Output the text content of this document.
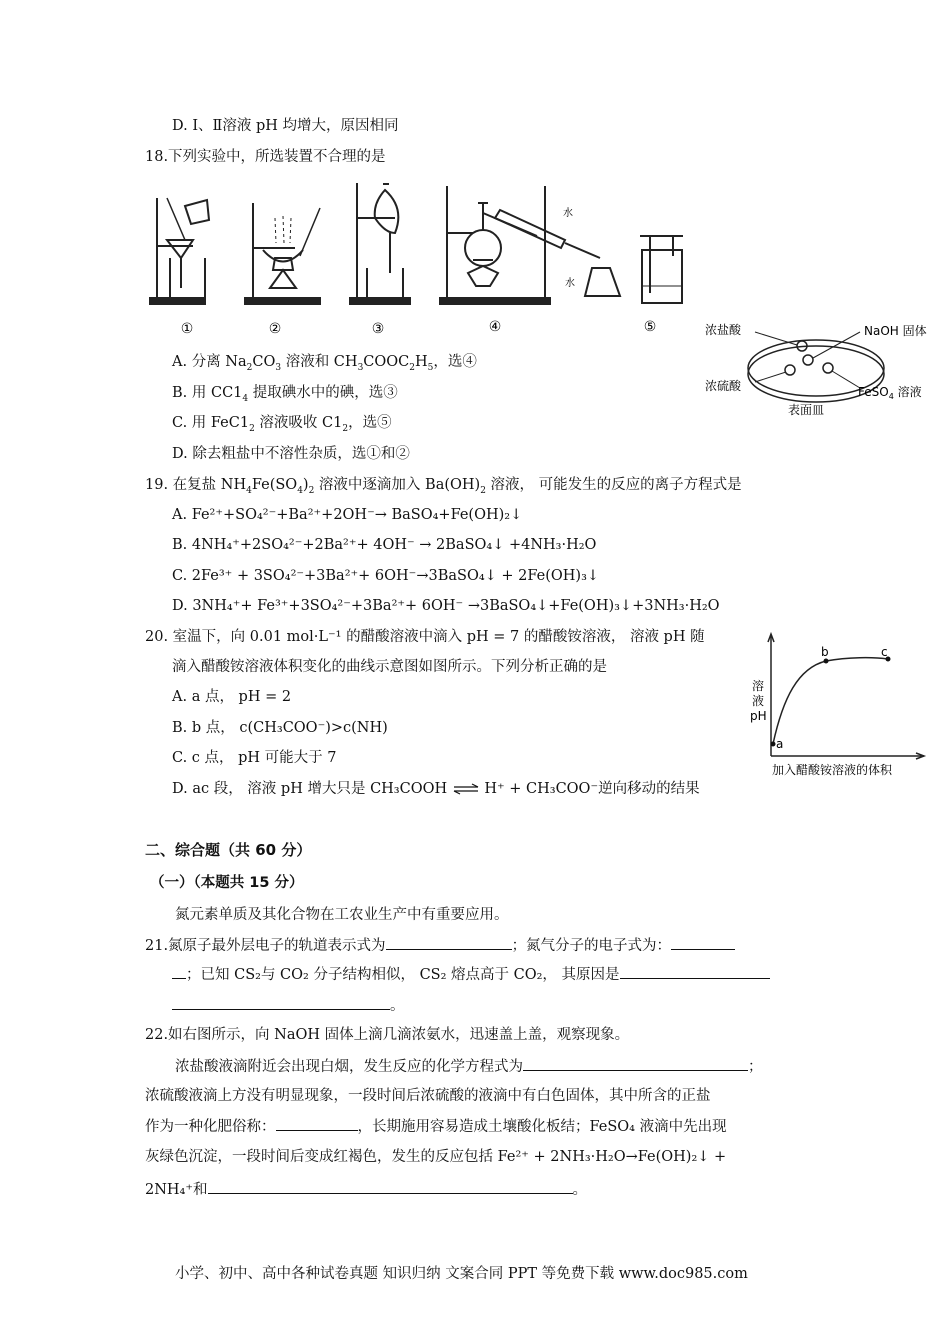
D. Ⅰ、Ⅱ溶液 pH 均增大，原因相同
18.下列实验中，所选装置不合理的是
水
水
①	②	③	④	⑤
A. 分离 $Na_2CO_3$ 溶液和 $CH_3COOC_2H_5$，选④
B. 用 $CC1_4$ 提取碘水中的碘，选③
C. 用 $FeC1_2$ 溶液吸收 $C1_2$，选⑤
D. 除去粗盐中不溶性杂质，选①和②
浓盐酸	NaOH 固体
浓硫酸	FeSO$_4$ 溶液
表面皿
19. 在复盐 $NH_4Fe(SO_4)_2$ 溶液中逐滴加入 $Ba(OH)_2$ 溶液， 可能发生的反应的离子方程式是
A. Fe²⁺+SO₄²⁻+Ba²⁺+2OH⁻→ BaSO₄+Fe(OH)₂↓
B. 4NH₄⁺+2SO₄²⁻+2Ba²⁺+ 4OH⁻ → 2BaSO₄↓ +4NH₃·H₂O
C. 2Fe³⁺ + 3SO₄²⁻+3Ba²⁺+ 6OH⁻→3BaSO₄↓ + 2Fe(OH)₃↓
D. 3NH₄⁺+ Fe³⁺+3SO₄²⁻+3Ba²⁺+ 6OH⁻ →3BaSO₄↓+Fe(OH)₃↓+3NH₃·H₂O
20. 室温下，向 0.01 mol·L⁻¹ 的醋酸溶液中滴入 pH = 7 的醋酸铵溶液， 溶液 pH 随
滴入醋酸铵溶液体积变化的曲线示意图如图所示。下列分析正确的是
A. a 点， pH = 2
B. b 点， c(CH₃COO⁻)>c(NH)
C. c 点， pH 可能大于 7
D. ac 段， 溶液 pH 增大只是 CH₃COOH ⇌ H⁺ + CH₃COO⁻逆向移动的结果
溶
液
pH
a
b	c
加入醋酸铵溶液的体积
二、综合题（共 60 分）
（一）（本题共 15 分）
氮元素单质及其化合物在工农业生产中有重要应用。
21.氮原子最外层电子的轨道表示式为	；氮气分子的电子式为：
；已知 CS₂与 CO₂ 分子结构相似， CS₂ 熔点高于 CO₂， 其原因是
。
22.如右图所示，向 NaOH 固体上滴几滴浓氨水，迅速盖上盖，观察现象。
浓盐酸液滴附近会出现白烟，发生反应的化学方程式为	；
浓硫酸液滴上方没有明显现象，一段时间后浓硫酸的液滴中有白色固体，其中所含的正盐
作为一种化肥俗称：	，长期施用容易造成土壤酸化板结；FeSO₄ 液滴中先出现
灰绿色沉淀，一段时间后变成红褐色，发生的反应包括 Fe²⁺ + 2NH₃·H₂O→Fe(OH)₂↓ +
2NH₄⁺和	。
小学、初中、高中各种试卷真题 知识归纳 文案合同 PPT 等免费下载 www.doc985.com
